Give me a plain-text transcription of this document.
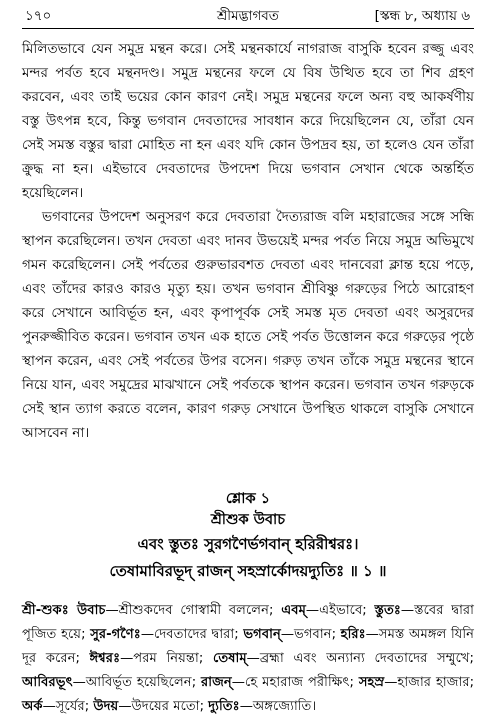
১৭০	শ্রীমদ্ভাগবত	[স্কন্ধ ৮, অধ্যায় ৬

মিলিতভাবে যেন সমুদ্র মন্থন করে। সেই মন্থনকার্যে নাগরাজ বাসুকি হবেন রজ্জু এবং মন্দর পর্বত হবে মন্থনদণ্ড। সমুদ্র মন্থনের ফলে যে বিষ উত্থিত হবে তা শিব গ্রহণ করবেন, এবং তাই ভয়ের কোন কারণ নেই। সমুদ্র মন্থনের ফলে অন্য বহু আকর্ষণীয় বস্তু উৎপন্ন হবে, কিন্তু ভগবান দেবতাদের সাবধান করে দিয়েছিলেন যে, তাঁরা যেন সেই সমস্ত বস্তুর দ্বারা মোহিত না হন এবং যদি কোন উপদ্রব হয়, তা হলেও যেন তাঁরা ক্রুদ্ধ না হন। এইভাবে দেবতাদের উপদেশ দিয়ে ভগবান সেখান থেকে অন্তর্হিত হয়েছিলেন।

ভগবানের উপদেশ অনুসরণ করে দেবতারা দৈত্যরাজ বলি মহারাজের সঙ্গে সন্ধি স্থাপন করেছিলেন। তখন দেবতা এবং দানব উভয়েই মন্দর পর্বত নিয়ে সমুদ্র অভিমুখে গমন করেছিলেন। সেই পর্বতের গুরুভারবশত দেবতা এবং দানবেরা ক্লান্ত হয়ে পড়ে, এবং তাঁদের কারও কারও মৃত্যু হয়। তখন ভগবান শ্রীবিষ্ণু গরুড়ের পিঠে আরোহণ করে সেখানে আবির্ভূত হন, এবং কৃপাপূর্বক সেই সমস্ত মৃত দেবতা এবং অসুরদের পুনরুজ্জীবিত করেন। ভগবান তখন এক হাতে সেই পর্বত উত্তোলন করে গরুড়ের পৃষ্ঠে স্থাপন করেন, এবং সেই পর্বতের উপর বসেন। গরুড় তখন তাঁকে সমুদ্র মন্থনের স্থানে নিয়ে যান, এবং সমুদ্রের মাঝখানে সেই পর্বতকে স্থাপন করেন। ভগবান তখন গরুড়কে সেই স্থান ত্যাগ করতে বলেন, কারণ গরুড় সেখানে উপস্থিত থাকলে বাসুকি সেখানে আসবেন না।

শ্লোক ১
শ্রীশুক উবাচ
এবং স্তুতঃ সুরগণৈর্ভগবান্ হরিরীশ্বরঃ।
তেষামাবিরভূদ্ রাজন্ সহস্রার্কোদয়দ্যুতিঃ ॥ ১ ॥

শ্রী-শুকঃ উবাচ—শ্রীশুকদেব গোস্বামী বললেন; এবম্—এইভাবে; স্তুতঃ—স্তবের দ্বারা পূজিত হয়ে; সুর-গণৈঃ—দেবতাদের দ্বারা; ভগবান্—ভগবান; হরিঃ—সমস্ত অমঙ্গল যিনি দূর করেন; ঈশ্বরঃ—পরম নিয়ন্তা; তেষাম্—ব্রহ্মা এবং অন্যান্য দেবতাদের সম্মুখে; আবিরভূৎ—আবির্ভূত হয়েছিলেন; রাজন্—হে মহারাজ পরীক্ষিৎ; সহস্র—হাজার হাজার; অর্ক—সূর্যের; উদয়—উদয়ের মতো; দ্যুতিঃ—অঙ্গজ্যোতি।
